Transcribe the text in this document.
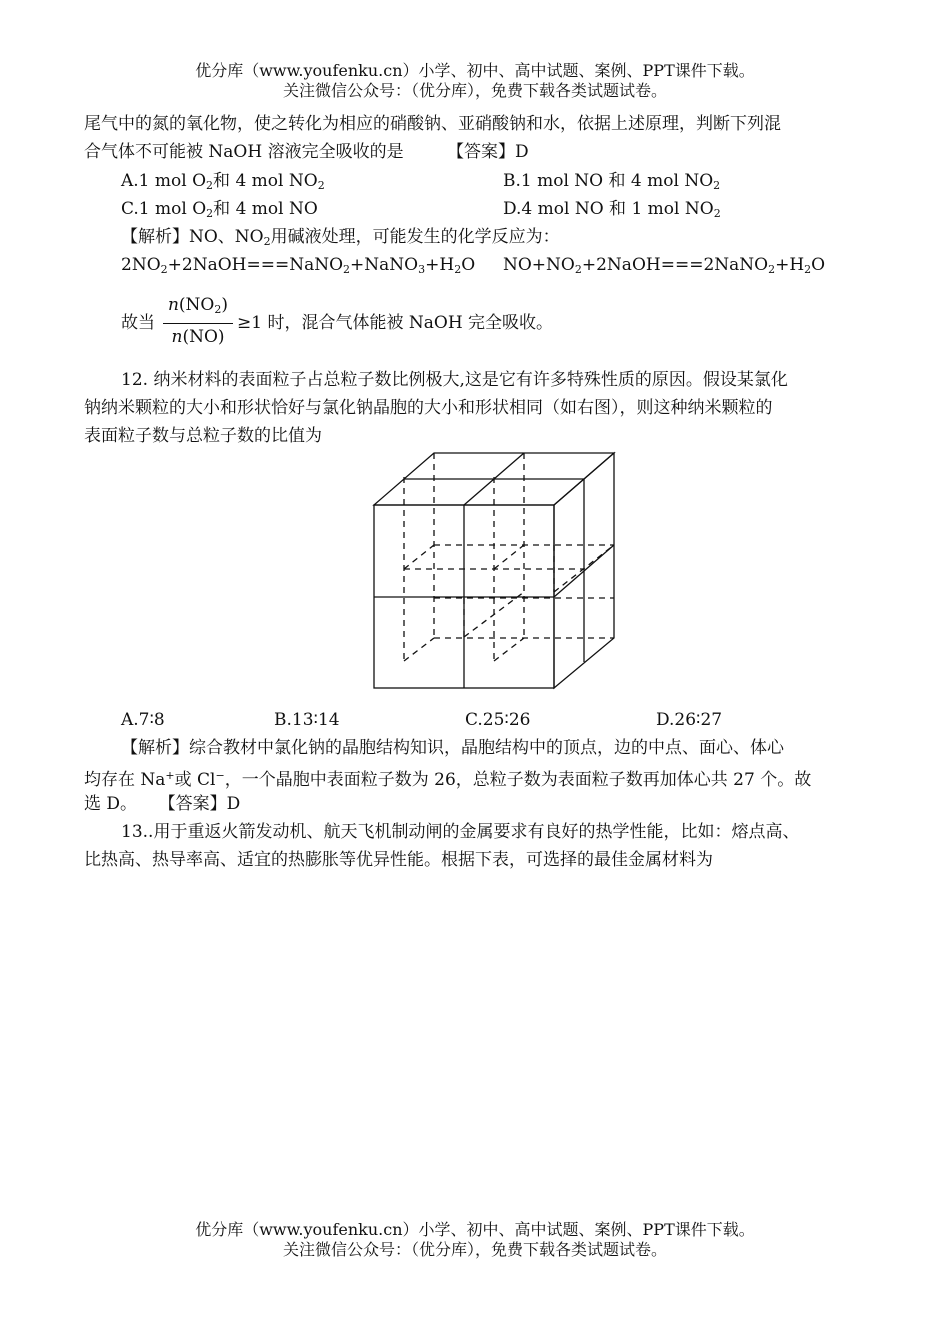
优分库（www.youfenku.cn）小学、初中、高中试题、案例、PPT课件下载。
关注微信公众号：（优分库），免费下载各类试题试卷。
尾气中的氮的氧化物，使之转化为相应的硝酸钠、亚硝酸钠和水，依据上述原理，判断下列混
合气体不可能被 NaOH 溶液完全吸收的是	【答案】D
A.1 mol $O_2$和 4 mol $NO_2$	B.1 mol NO 和 4 mol $NO_2$
C.1 mol $O_2$和 4 mol NO	D.4 mol NO 和 1 mol $NO_2$
【解析】NO、$NO_2$用碱液处理，可能发生的化学反应为：
$2NO_2+2NaOH===NaNO_2+NaNO_3+H_2O$ $NO+NO_2+2NaOH===2NaNO_2+H_2O$
故当
$n(NO_2)$
n(NO)
≥1 时，混合气体能被 NaOH 完全吸收。
12. 纳米材料的表面粒子占总粒子数比例极大,这是它有许多特殊性质的原因。假设某氯化
钠纳米颗粒的大小和形状恰好与氯化钠晶胞的大小和形状相同（如右图），则这种纳米颗粒的
表面粒子数与总粒子数的比值为
A.7∶8	B.13∶14	C.25∶26	D.26∶27
【解析】综合教材中氯化钠的晶胞结构知识，晶胞结构中的顶点，边的中点、面心、体心
均存在 Na+或 Cl−，一个晶胞中表面粒子数为 26，总粒子数为表面粒子数再加体心共 27 个。故
选 D。    【答案】D
13..用于重返火箭发动机、航天飞机制动闸的金属要求有良好的热学性能，比如：熔点高、
比热高、热导率高、适宜的热膨胀等优异性能。根据下表，可选择的最佳金属材料为
优分库（www.youfenku.cn）小学、初中、高中试题、案例、PPT课件下载。
关注微信公众号：（优分库），免费下载各类试题试卷。
